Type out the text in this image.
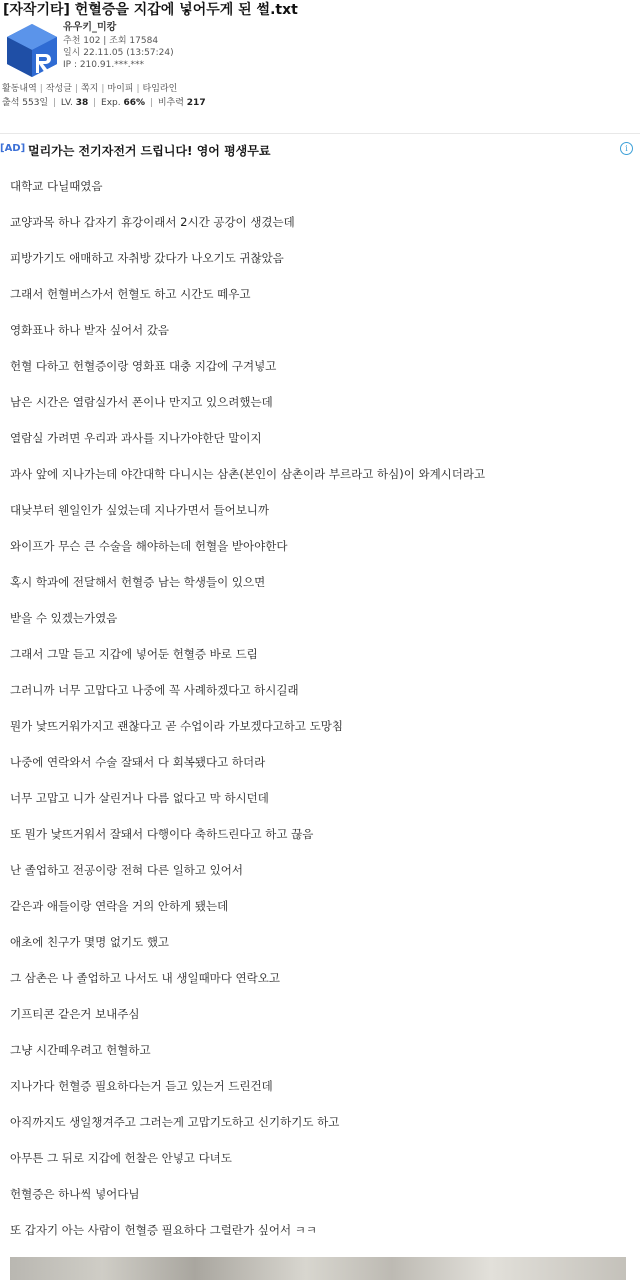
[자작기타] 헌혈증을 지갑에 넣어두게 된 썰.txt
유우키_미캉
추천 102 | 조회 17584
일시 22.11.05 (13:57:24)
IP : 210.91.***.***
활동내역 | 작성글 | 쪽지 | 마이피 | 타임라인
출석 553일 | LV. 38 | Exp. 66% | 비추력 217
[AD] 멀리가는 전기자전거 드립니다! 영어 평생무료	i
대학교 다닐때였음
교양과목 하나 갑자기 휴강이래서 2시간 공강이 생겼는데
피방가기도 애매하고 자취방 갔다가 나오기도 귀찮았음
그래서 헌혈버스가서 헌혈도 하고 시간도 떼우고
영화표나 하나 받자 싶어서 갔음
헌혈 다하고 헌혈증이랑 영화표 대충 지갑에 구겨넣고
남은 시간은 열람실가서 폰이나 만지고 있으려했는데
열람실 가려면 우리과 과사를 지나가야한단 말이지
과사 앞에 지나가는데 야간대학 다니시는 삼촌(본인이 삼촌이라 부르라고 하심)이 와계시더라고
대낮부터 웬일인가 싶었는데 지나가면서 들어보니까
와이프가 무슨 큰 수술을 해야하는데 헌혈을 받아야한다
혹시 학과에 전달해서 헌혈증 남는 학생들이 있으면
받을 수 있겠는가였음
그래서 그말 듣고 지갑에 넣어둔 헌혈증 바로 드림
그러니까 너무 고맙다고 나중에 꼭 사례하겠다고 하시길래
뭔가 낯뜨거워가지고 괜찮다고 곧 수업이라 가보겠다고하고 도망침
나중에 연락와서 수술 잘돼서 다 회복됐다고 하더라
너무 고맙고 니가 살린거나 다름 없다고 막 하시던데
또 뭔가 낯뜨거워서 잘돼서 다행이다 축하드린다고 하고 끊음
난 졸업하고 전공이랑 전혀 다른 일하고 있어서
같은과 애들이랑 연락을 거의 안하게 됐는데
애초에 친구가 몇명 없기도 했고
그 삼촌은 나 졸업하고 나서도 내 생일때마다 연락오고
기프티콘 같은거 보내주심
그냥 시간떼우려고 헌혈하고
지나가다 헌혈증 필요하다는거 듣고 있는거 드린건데
아직까지도 생일챙겨주고 그러는게 고맙기도하고 신기하기도 하고
아무튼 그 뒤로 지갑에 헌찰은 안넣고 다녀도
헌혈증은 하나씩 넣어다님
또 갑자기 아는 사람이 헌혈증 필요하다 그럴란가 싶어서 ㅋㅋ
